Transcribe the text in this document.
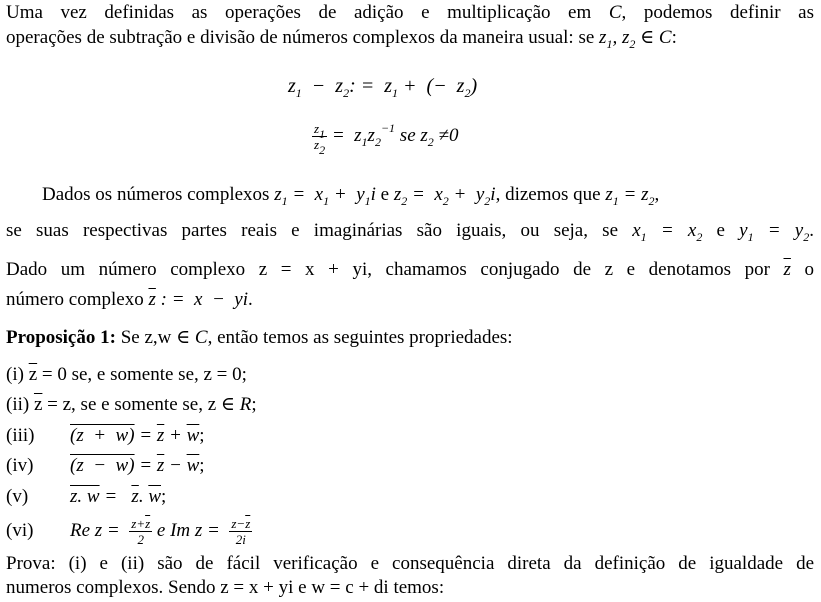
Uma vez definidas as operações de adição e multiplicação em C, podemos definir as
operações de subtração e divisão de números complexos da maneira usual: se $z_1$, $z_2$ ∈ C:
$z_1 - z_2$: =  $z_1$ +  (−  $z_2$)
$\frac{z_1}{z_2} = z_1z_2^{-1}$ se $z_2 \ne 0$
Dados os números complexos $z_1 = x_1 + y_1i$ e $z_2 = x_2 + y_2i$, dizemos que $z_1 = z_2$,
se suas respectivas partes reais e imaginárias são iguais, ou seja, se $x_1 = x_2$ e $y_1 = y_2$.
Dado um número complexo z = x + yi, chamamos conjugado de z e denotamos por $\overline{z}$ o
número complexo $\overline{z}$ : =  x  −  yi.
Proposição 1: Se z,w ∈ C, então temos as seguintes propriedades:
(i) $\overline{z} = 0$ se, e somente se, z = 0;
(ii) $\overline{z} = z$, se e somente se, z ∈ R;
(iii) $(z + w) = \overline{z} + \overline{w}$;
(iv) $(z - w) = \overline{z} - \overline{w}$;
(v) z. $w = \overline{z}$. $\overline{w}$;
(vi) Re $z = \frac{z+\overline{z}}{2}$ e Im $z = \frac{z-\overline{z}}{2i}$
Prova: (i) e (ii) são de fácil verificação e consequência direta da definição de igualdade de
numeros complexos. Sendo z = x + yi e w = c + di temos:
